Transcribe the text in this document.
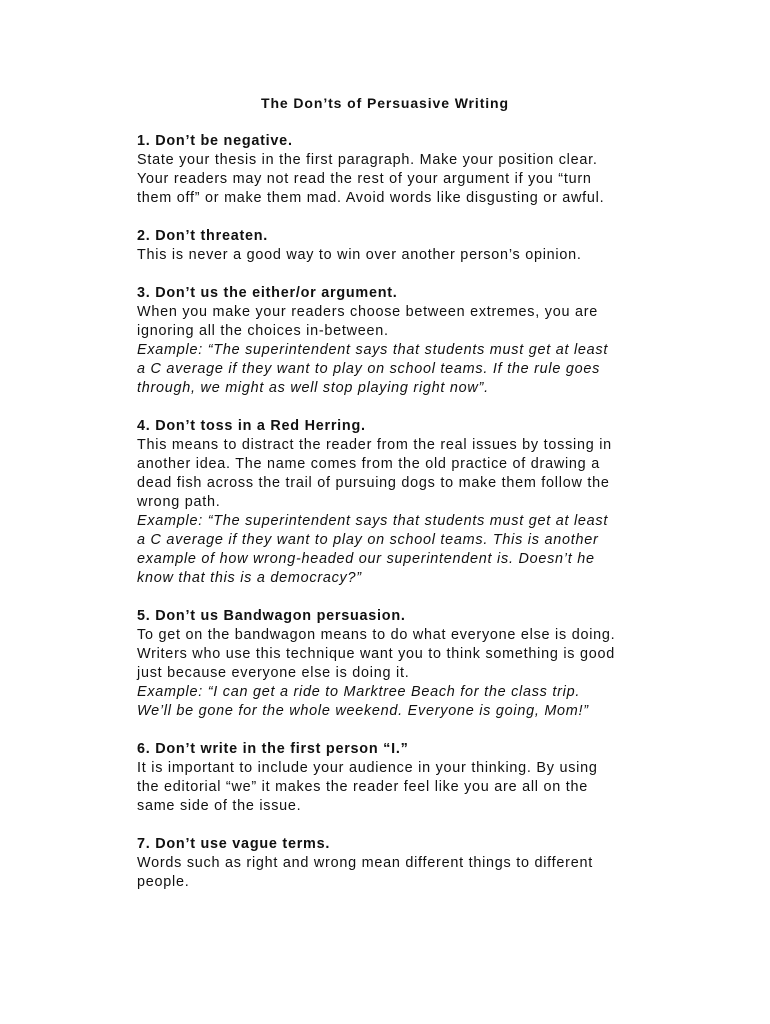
The Don’ts of Persuasive Writing

1. Don’t be negative.

State your thesis in the first paragraph. Make your position clear.

Your readers may not read the rest of your argument if you “turn

them off” or make them mad. Avoid words like disgusting or awful.

2. Don’t threaten.

This is never a good way to win over another person’s opinion.

3. Don’t us the either/or argument.

When you make your readers choose between extremes, you are

ignoring all the choices in-between.

Example: “The superintendent says that students must get at least

a C average if they want to play on school teams. If the rule goes

through, we might as well stop playing right now”.

4. Don’t toss in a Red Herring.

This means to distract the reader from the real issues by tossing in

another idea. The name comes from the old practice of drawing a

dead fish across the trail of pursuing dogs to make them follow the

wrong path.

Example: “The superintendent says that students must get at least

a C average if they want to play on school teams. This is another

example of how wrong-headed our superintendent is. Doesn’t he

know that this is a democracy?”

5. Don’t us Bandwagon persuasion.

To get on the bandwagon means to do what everyone else is doing.

Writers who use this technique want you to think something is good

just because everyone else is doing it.

Example: “I can get a ride to Marktree Beach for the class trip.

We’ll be gone for the whole weekend. Everyone is going, Mom!”

6. Don’t write in the first person “I.”

It is important to include your audience in your thinking. By using

the editorial “we” it makes the reader feel like you are all on the

same side of the issue.

7. Don’t use vague terms.

Words such as right and wrong mean different things to different

people.
